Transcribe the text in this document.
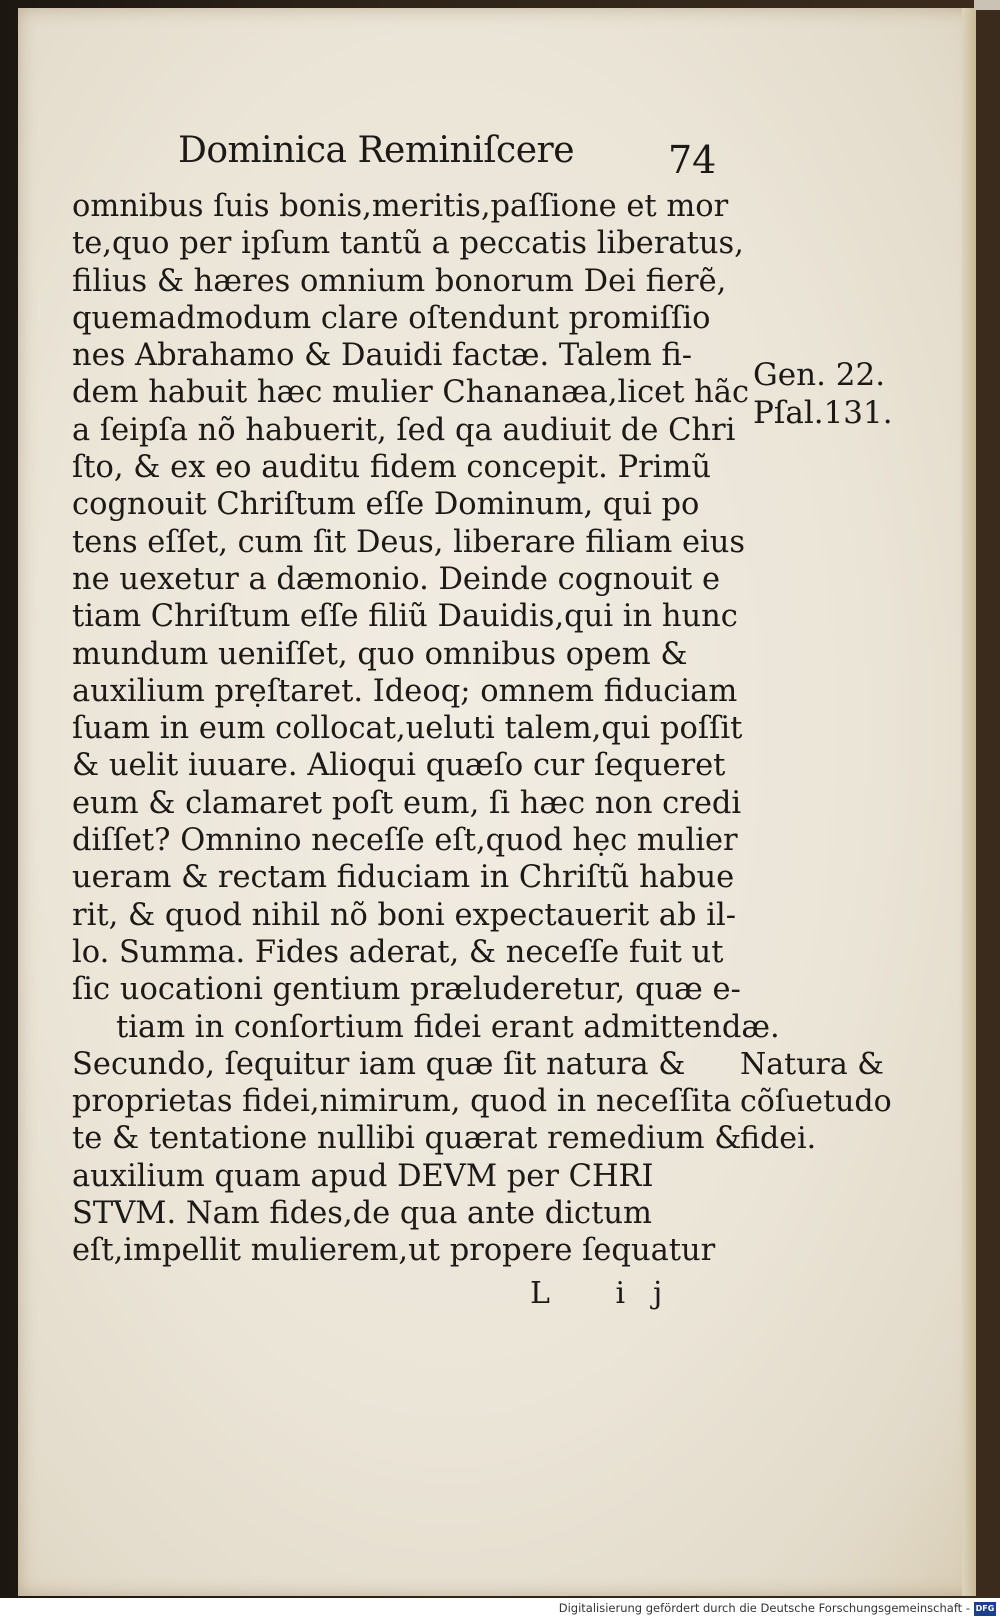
Dominica Reminiſcere 74
omnibus ſuis bonis,meritis,paſſione et mor
te,quo per ipſum tantũ a peccatis liberatus,
filius & hæres omnium bonorum Dei fierẽ,
quemadmodum clare oſtendunt promiſſio
nes Abrahamo & Dauidi factæ. Talem fi-
dem habuit hæc mulier Chananæa,licet hãc
a ſeipſa nõ habuerit, ſed qa audiuit de Chri
ſto, & ex eo auditu fidem concepit. Primũ
cognouit Chriſtum eſſe Dominum, qui po
tens eſſet, cum ſit Deus, liberare filiam eius
ne uexetur a dæmonio. Deinde cognouit e
tiam Chriſtum eſſe filiũ Dauidis,qui in hunc
mundum ueniſſet, quo omnibus opem &
auxilium prẹſtaret. Ideoq; omnem fiduciam
ſuam in eum collocat,ueluti talem,qui poſſit
& uelit iuuare. Alioqui quæſo cur ſequeret
eum & clamaret poſt eum, ſi hæc non credi
diſſet? Omnino neceſſe eſt,quod hẹc mulier
ueram & rectam fiduciam in Chriſtũ habue
rit, & quod nihil nõ boni expectauerit ab il-
lo. Summa. Fides aderat, & neceſſe fuit ut
ſic uocationi gentium præluderetur, quæ e-
tiam in conſortium fidei erant admittendæ.
Secundo, ſequitur iam quæ ſit natura &
proprietas fidei,nimirum, quod in neceſſita
te & tentatione nullibi quærat remedium &
auxilium quam apud DEVM per CHRI
STVM. Nam fides,de qua ante dictum
eſt,impellit mulierem,ut propere ſequatur
Gen. 22.
Pſal.131.
Natura &
cõſuetudo
fidei.
L ij
Digitalisierung gefördert durch die Deutsche Forschungsgemeinschaft - DFG
